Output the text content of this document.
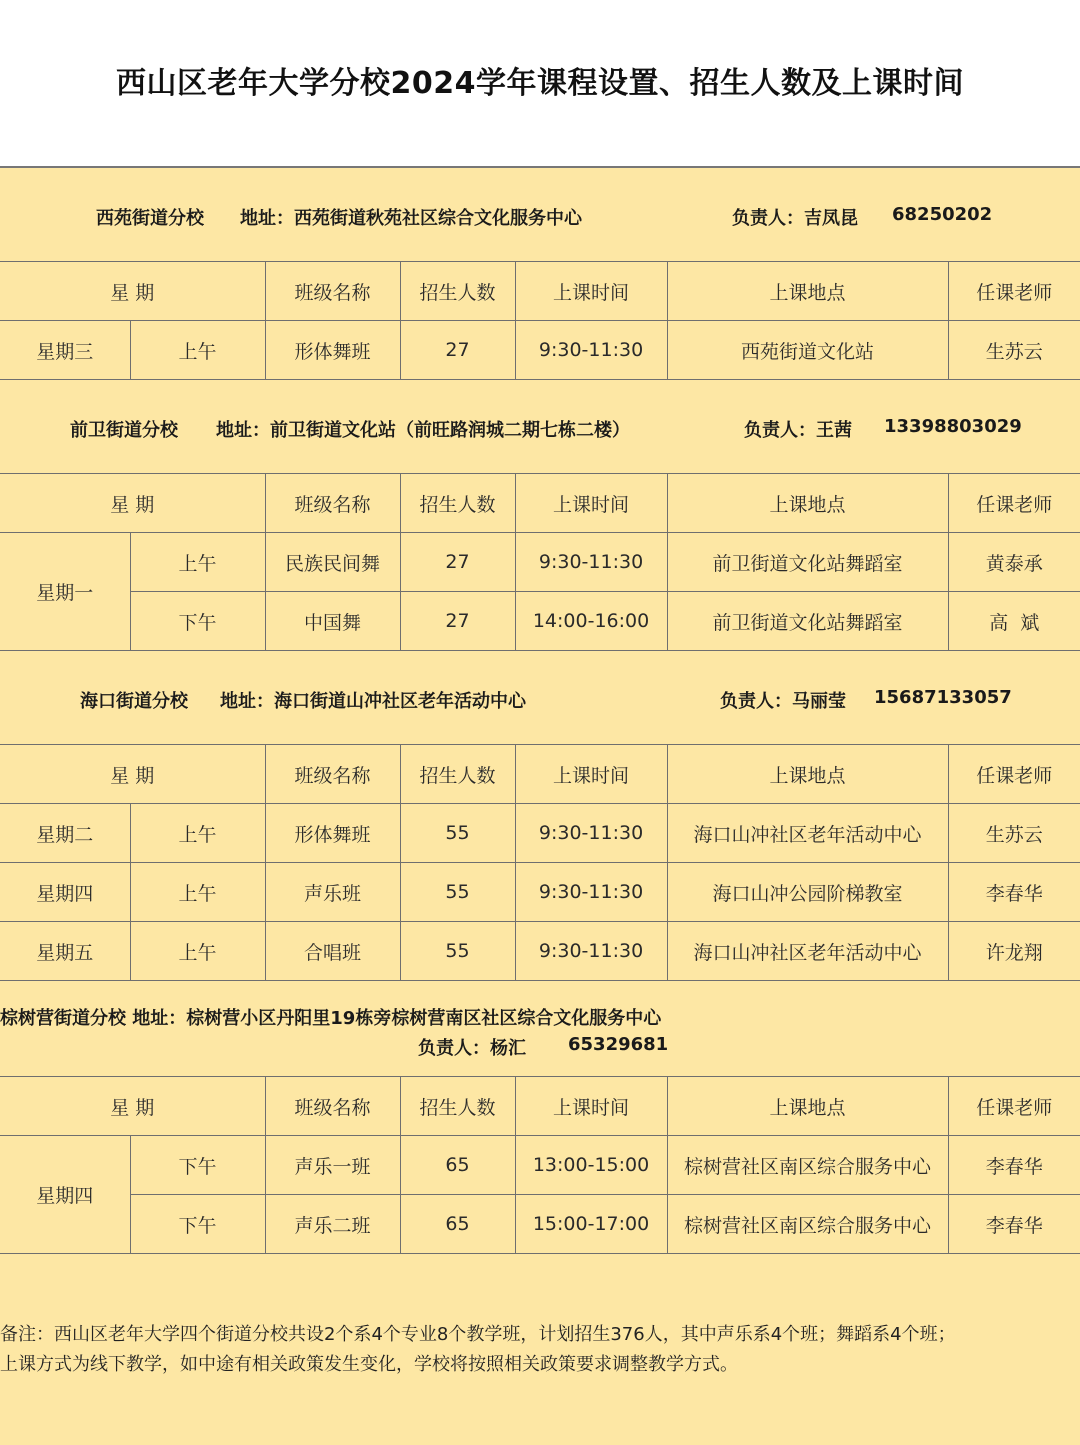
西山区老年大学分校2024学年课程设置、招生人数及上课时间
西苑街道分校 地址：西苑街道秋苑社区综合文化服务中心	负责人：吉凤昆 68250202
星 期		班级名称	招生人数	上课时间	上课地点	任课老师
星期三	上午	形体舞班	27	9:30-11:30	西苑街道文化站	生苏云
前卫街道分校 地址：前卫街道文化站（前旺路润城二期七栋二楼）	负责人：王茜 13398803029
星 期		班级名称	招生人数	上课时间	上课地点	任课老师
星期一	上午	民族民间舞	27	9:30-11:30	前卫街道文化站舞蹈室	黄泰承
	下午	中国舞	27	14:00-16:00	前卫街道文化站舞蹈室	高  斌
海口街道分校 地址：海口街道山冲社区老年活动中心	负责人：马丽莹 15687133057
星 期		班级名称	招生人数	上课时间	上课地点	任课老师
星期二	上午	形体舞班	55	9:30-11:30	海口山冲社区老年活动中心	生苏云
星期四	上午	声乐班	55	9:30-11:30	海口山冲公园阶梯教室	李春华
星期五	上午	合唱班	55	9:30-11:30	海口山冲社区老年活动中心	许龙翔
棕树营街道分校 地址：棕树营小区丹阳里19栋旁棕树营南区社区综合文化服务中心
负责人：杨汇 65329681
星 期		班级名称	招生人数	上课时间	上课地点	任课老师
星期四	下午	声乐一班	65	13:00-15:00	棕树营社区南区综合服务中心	李春华
	下午	声乐二班	65	15:00-17:00	棕树营社区南区综合服务中心	李春华
备注：西山区老年大学四个街道分校共设2个系4个专业8个教学班，计划招生376人，其中声乐系4个班；舞蹈系4个班；
上课方式为线下教学，如中途有相关政策发生变化，学校将按照相关政策要求调整教学方式。
